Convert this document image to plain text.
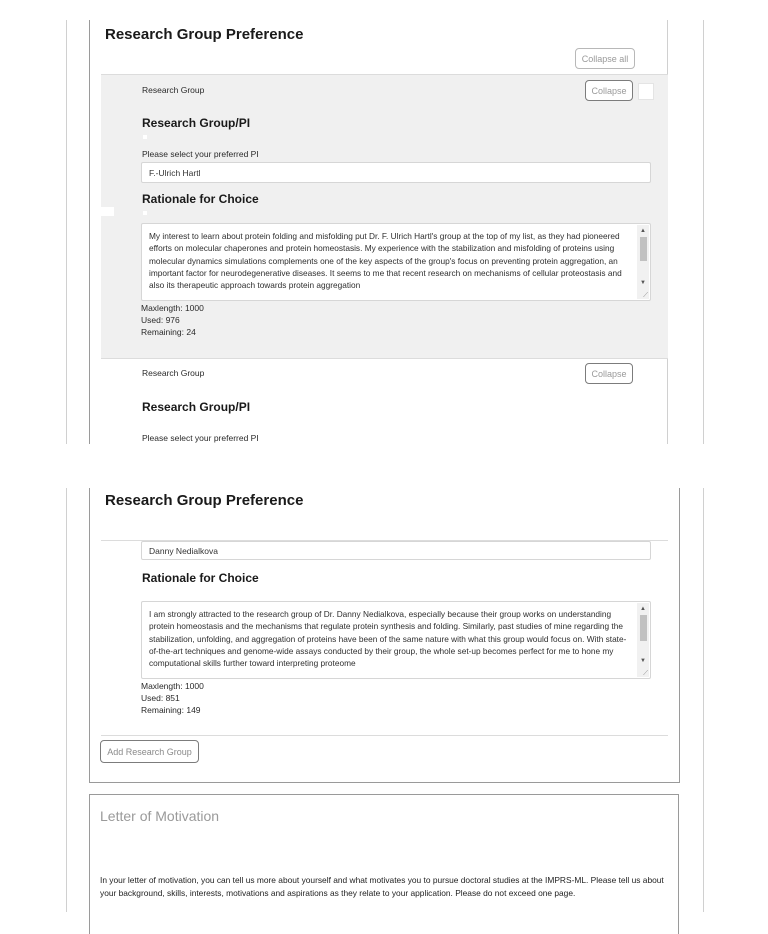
Research Group Preference
Collapse all
Research Group	Collapse
Research Group/PI
Please select your preferred PI
F.-Ulrich Hartl
Rationale for Choice
My interest to learn about protein folding and misfolding put Dr. F. Ulrich Hartl's group at the top of my list, as they had pioneered efforts on molecular chaperones and protein homeostasis. My experience with the stabilization and misfolding of proteins using molecular dynamics simulations complements one of the key aspects of the group's focus on preventing protein aggregation, an important factor for neurodegenerative diseases. It seems to me that recent research on mechanisms of cellular proteostasis and also its therapeutic approach towards protein aggregation
▲
▼
⟋
Maxlength: 1000
Used: 976
Remaining: 24
Research Group	Collapse
Research Group/PI
Please select your preferred PI
Research Group Preference
Danny Nedialkova
Rationale for Choice
I am strongly attracted to the research group of Dr. Danny Nedialkova, especially because their group works on understanding protein homeostasis and the mechanisms that regulate protein synthesis and folding. Similarly, past studies of mine regarding the stabilization, unfolding, and aggregation of proteins have been of the same nature with what this group would focus on. With state-of-the-art techniques and genome-wide assays conducted by their group, the whole set-up becomes perfect for me to hone my computational skills further toward interpreting proteome
▲
▼
⟋
Maxlength: 1000
Used: 851
Remaining: 149
Add Research Group
Letter of Motivation
In your letter of motivation, you can tell us more about yourself and what motivates you to pursue doctoral studies at the IMPRS-ML. Please tell us about your background, skills, interests, motivations and aspirations as they relate to your application. Please do not exceed one page.
